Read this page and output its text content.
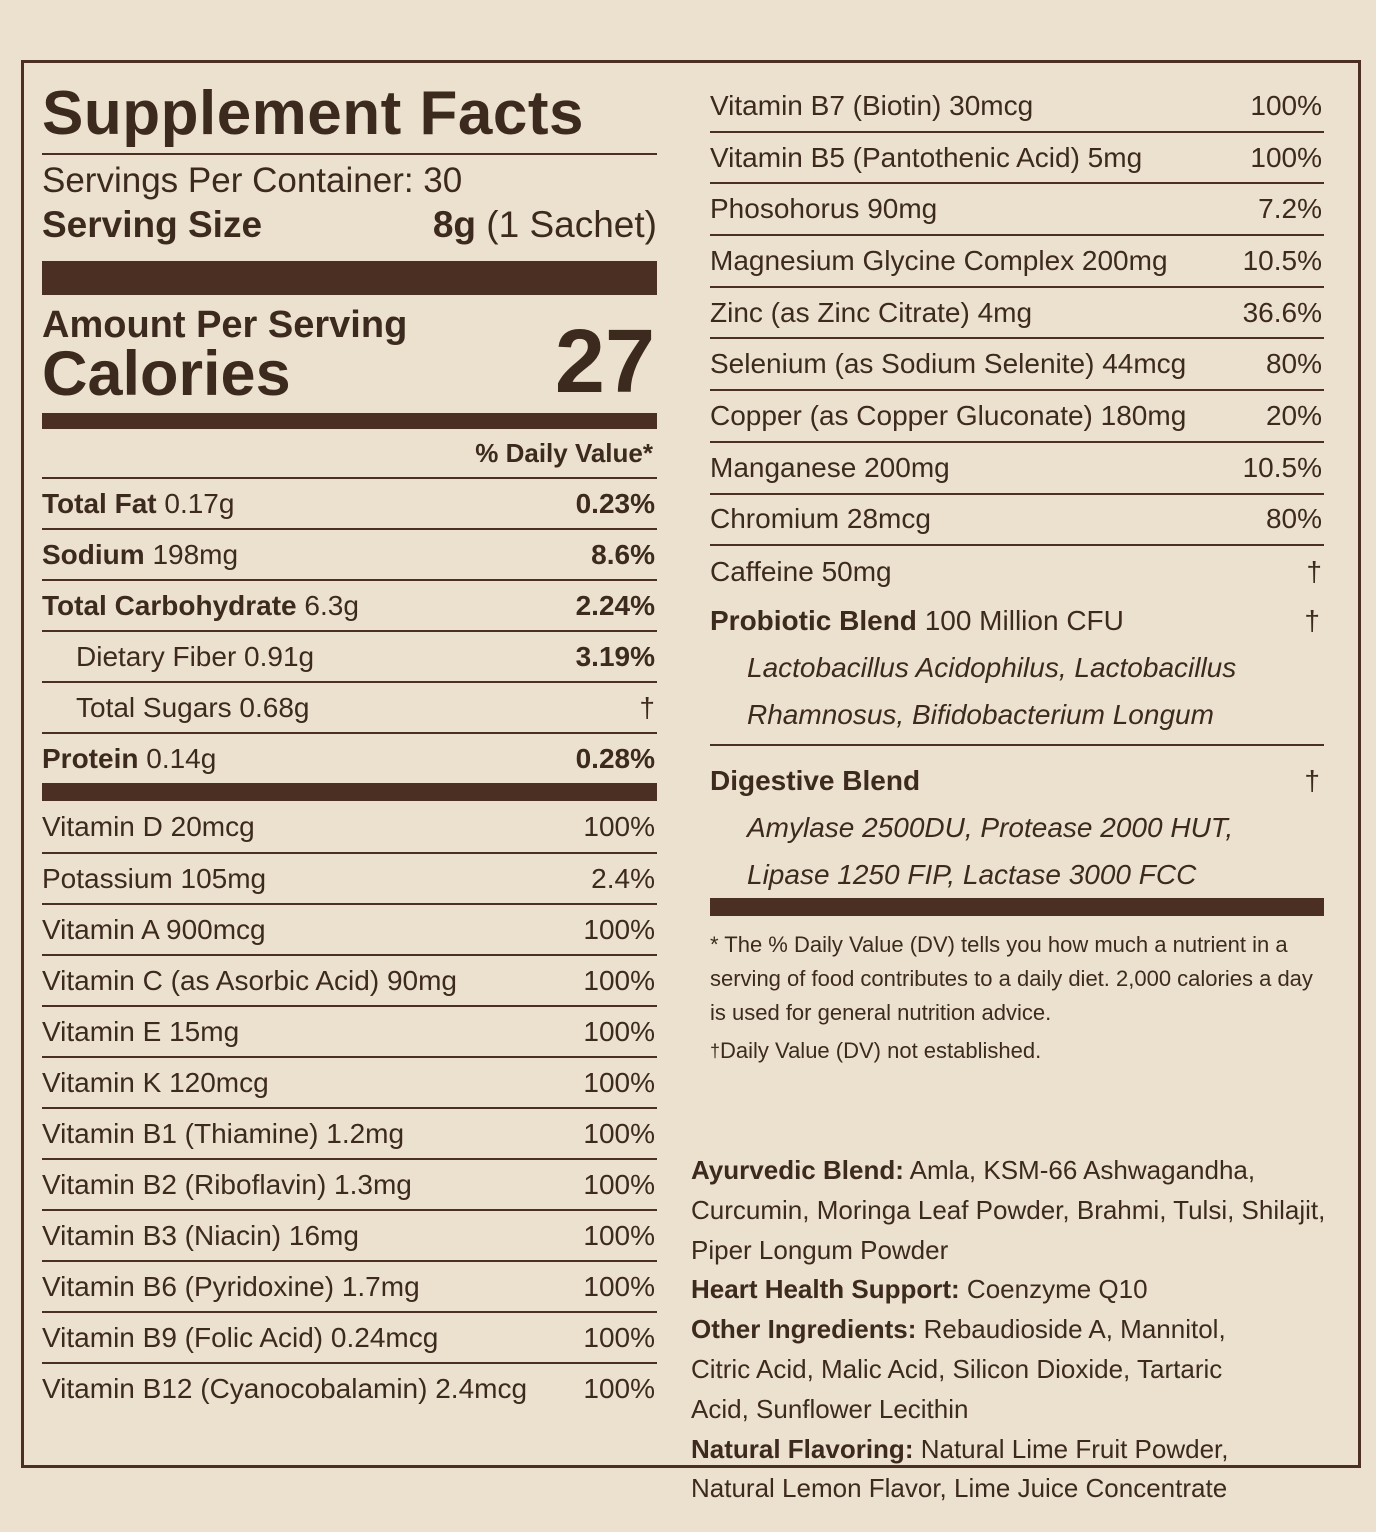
Supplement Facts
Servings Per Container: 30
Serving Size	8g (1 Sachet)
Amount Per Serving
Calories	27
% Daily Value*
Total Fat 0.17g	0.23%
Sodium 198mg	8.6%
Total Carbohydrate 6.3g	2.24%
Dietary Fiber 0.91g	3.19%
Total Sugars 0.68g	†
Protein 0.14g	0.28%
Vitamin D 20mcg	100%
Potassium 105mg	2.4%
Vitamin A 900mcg	100%
Vitamin C (as Asorbic Acid) 90mg	100%
Vitamin E 15mg	100%
Vitamin K 120mcg	100%
Vitamin B1 (Thiamine) 1.2mg	100%
Vitamin B2 (Riboflavin) 1.3mg	100%
Vitamin B3 (Niacin) 16mg	100%
Vitamin B6 (Pyridoxine) 1.7mg	100%
Vitamin B9 (Folic Acid) 0.24mcg	100%
Vitamin B12 (Cyanocobalamin) 2.4mcg 100%
Vitamin B7 (Biotin) 30mcg	100%
Vitamin B5 (Pantothenic Acid) 5mg	100%
Phosohorus 90mg	7.2%
Magnesium Glycine Complex 200mg	10.5%
Zinc (as Zinc Citrate) 4mg	36.6%
Selenium (as Sodium Selenite) 44mcg	80%
Copper (as Copper Gluconate) 180mg	20%
Manganese 200mg	10.5%
Chromium 28mcg	80%
Caffeine 50mg	†
Probiotic Blend 100 Million CFU	†
Lactobacillus Acidophilus, Lactobacillus
Rhamnosus, Bifidobacterium Longum
Digestive Blend	†
Amylase 2500DU, Protease 2000 HUT,
Lipase 1250 FIP, Lactase 3000 FCC
* The % Daily Value (DV) tells you how much a nutrient in a serving of food contributes to a daily diet. 2,000 calories a day is used for general nutrition advice.
†Daily Value (DV) not established.
Ayurvedic Blend: Amla, KSM-66 Ashwagandha, Curcumin, Moringa Leaf Powder, Brahmi, Tulsi, Shilajit, Piper Longum Powder
Heart Health Support: Coenzyme Q10
Other Ingredients: Rebaudioside A, Mannitol, Citric Acid, Malic Acid, Silicon Dioxide, Tartaric Acid, Sunflower Lecithin
Natural Flavoring: Natural Lime Fruit Powder, Natural Lemon Flavor, Lime Juice Concentrate
